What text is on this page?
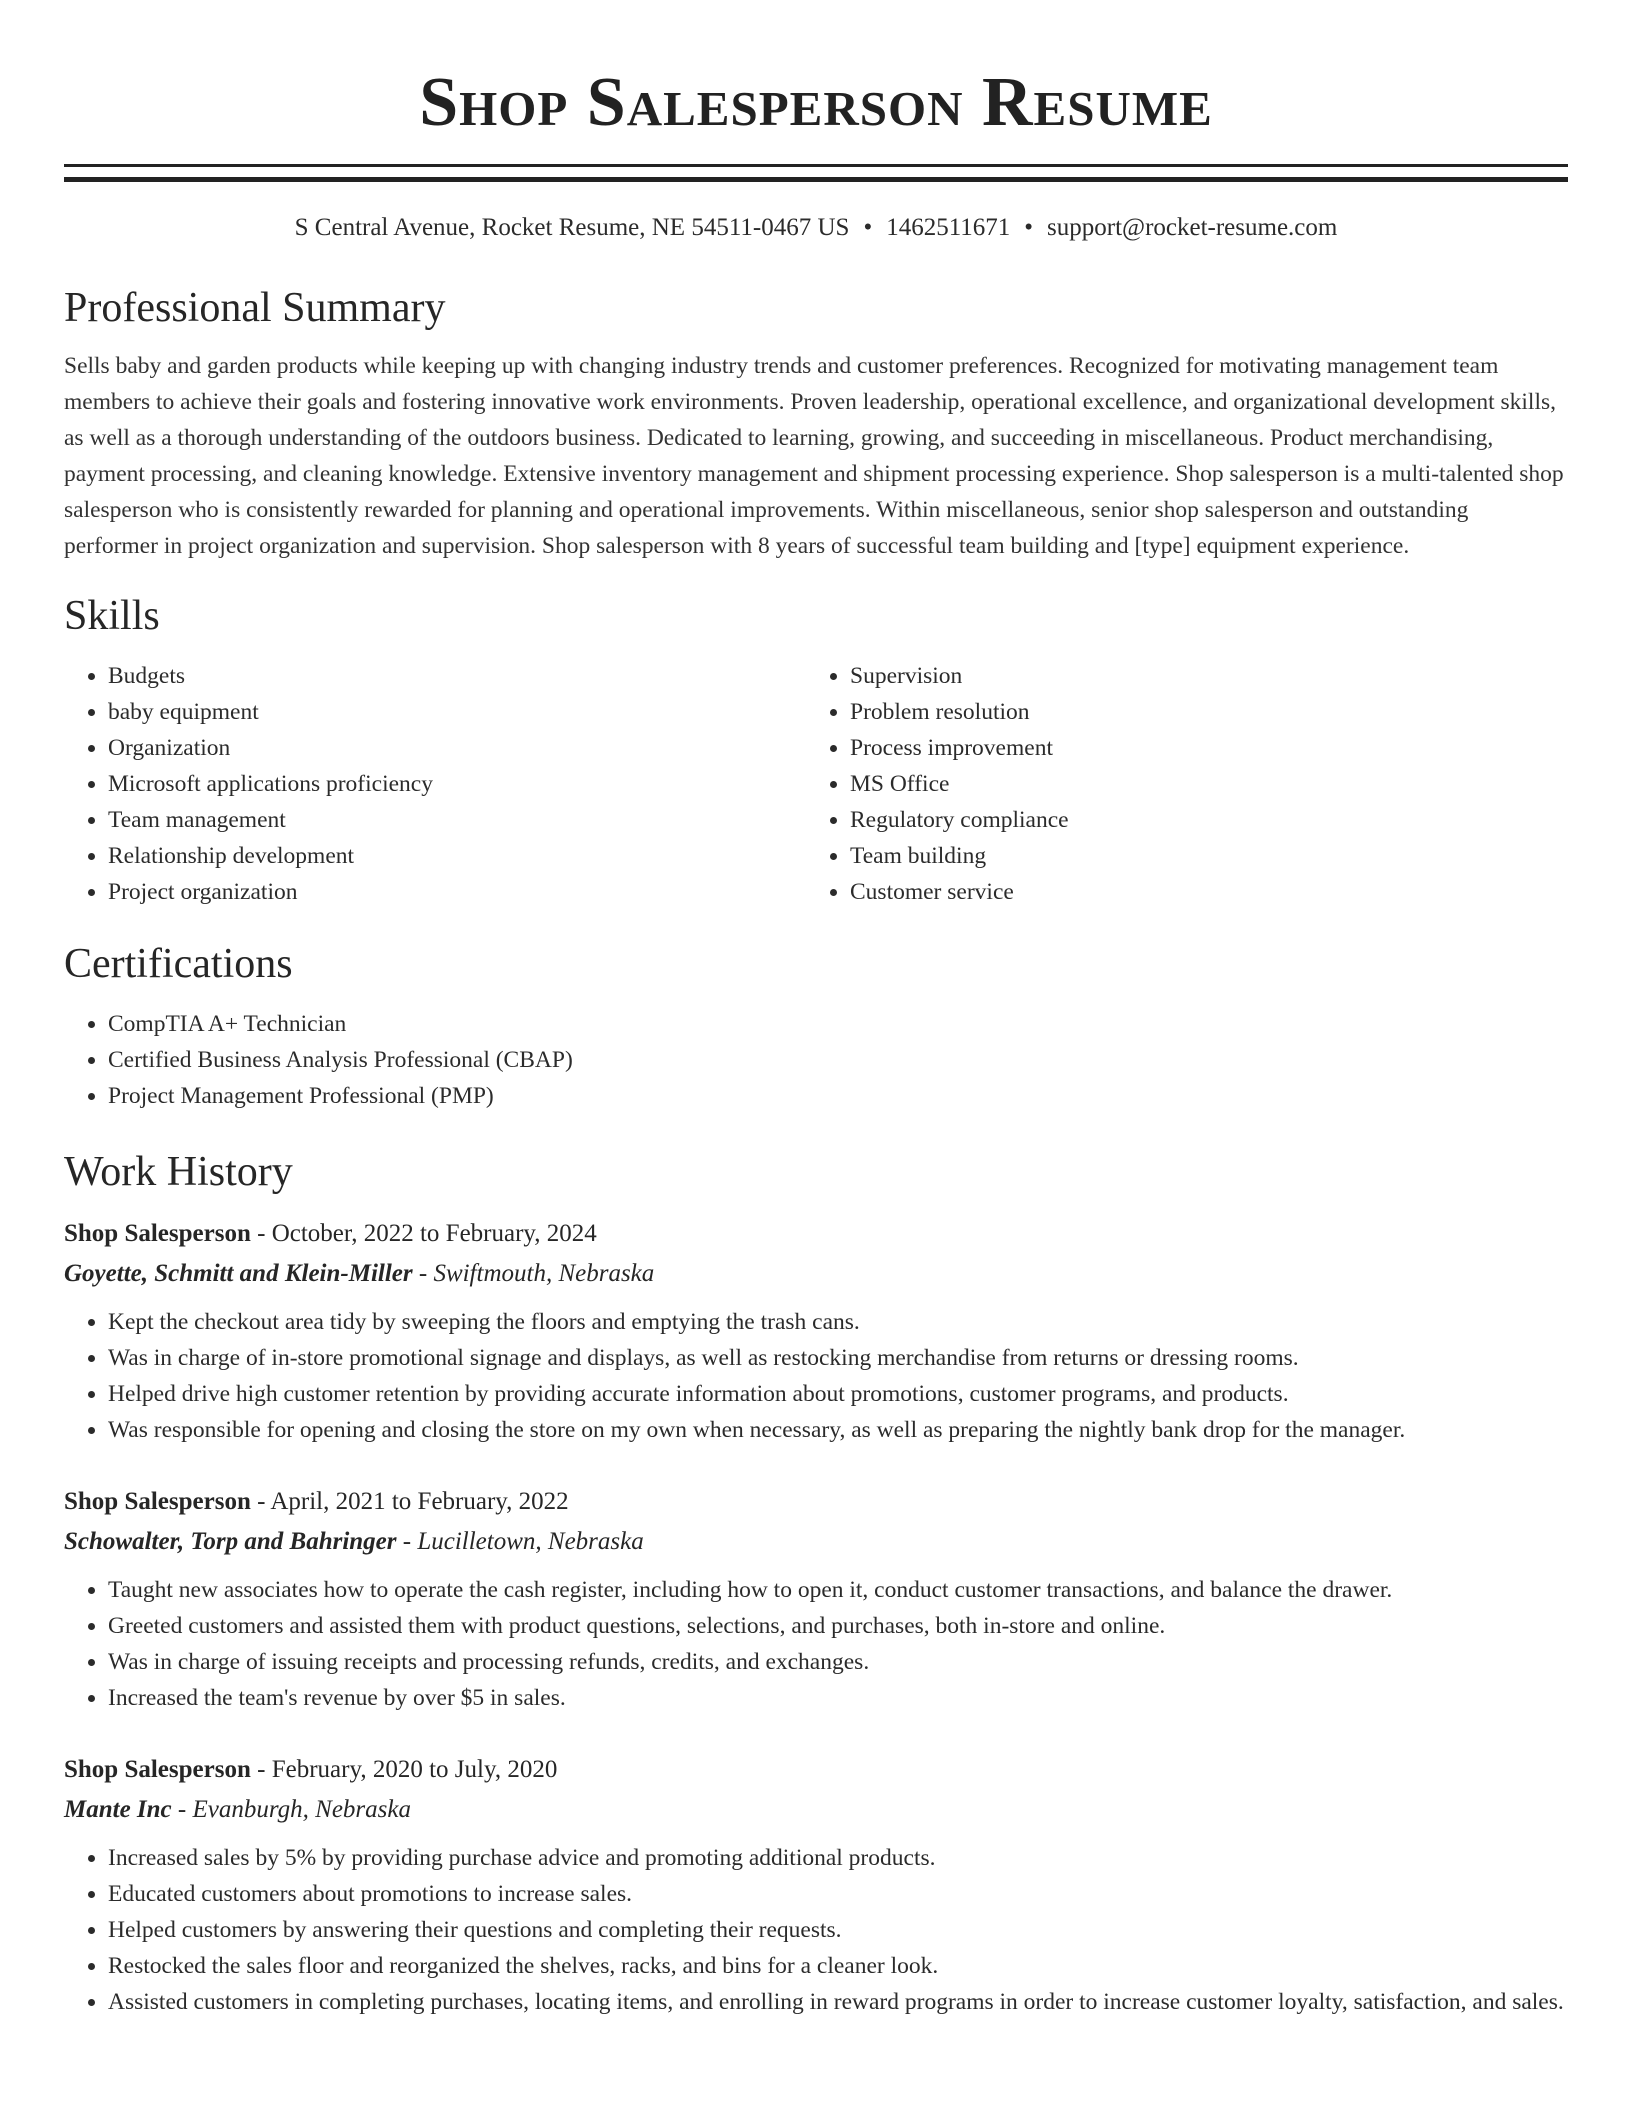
Shop Salesperson Resume
S Central Avenue, Rocket Resume, NE 54511-0467 US • 1462511671 • support@rocket-resume.com
Professional Summary

Sells baby and garden products while keeping up with changing industry trends and customer preferences. Recognized for motivating management team members to achieve their goals and fostering innovative work environments. Proven leadership, operational excellence, and organizational development skills, as well as a thorough understanding of the outdoors business. Dedicated to learning, growing, and succeeding in miscellaneous. Product merchandising, payment processing, and cleaning knowledge. Extensive inventory management and shipment processing experience. Shop salesperson is a multi-talented shop salesperson who is consistently rewarded for planning and operational improvements. Within miscellaneous, senior shop salesperson and outstanding performer in project organization and supervision. Shop salesperson with 8 years of successful team building and [type] equipment experience.

Skills
• Budgets
• baby equipment
• Organization
• Microsoft applications proficiency
• Team management
• Relationship development
• Project organization
• Supervision
• Problem resolution
• Process improvement
• MS Office
• Regulatory compliance
• Team building
• Customer service
Certifications
• CompTIA A+ Technician
• Certified Business Analysis Professional (CBAP)
• Project Management Professional (PMP)
Work History
Shop Salesperson - October, 2022 to February, 2024
Goyette, Schmitt and Klein-Miller - Swiftmouth, Nebraska
• Kept the checkout area tidy by sweeping the floors and emptying the trash cans.
• Was in charge of in-store promotional signage and displays, as well as restocking merchandise from returns or dressing rooms.
• Helped drive high customer retention by providing accurate information about promotions, customer programs, and products.
• Was responsible for opening and closing the store on my own when necessary, as well as preparing the nightly bank drop for the manager.
Shop Salesperson - April, 2021 to February, 2022
Schowalter, Torp and Bahringer - Lucilletown, Nebraska
• Taught new associates how to operate the cash register, including how to open it, conduct customer transactions, and balance the drawer.
• Greeted customers and assisted them with product questions, selections, and purchases, both in-store and online.
• Was in charge of issuing receipts and processing refunds, credits, and exchanges.
• Increased the team's revenue by over $5 in sales.
Shop Salesperson - February, 2020 to July, 2020
Mante Inc - Evanburgh, Nebraska
• Increased sales by 5% by providing purchase advice and promoting additional products.
• Educated customers about promotions to increase sales.
• Helped customers by answering their questions and completing their requests.
• Restocked the sales floor and reorganized the shelves, racks, and bins for a cleaner look.
• Assisted customers in completing purchases, locating items, and enrolling in reward programs in order to increase customer loyalty, satisfaction, and sales.
